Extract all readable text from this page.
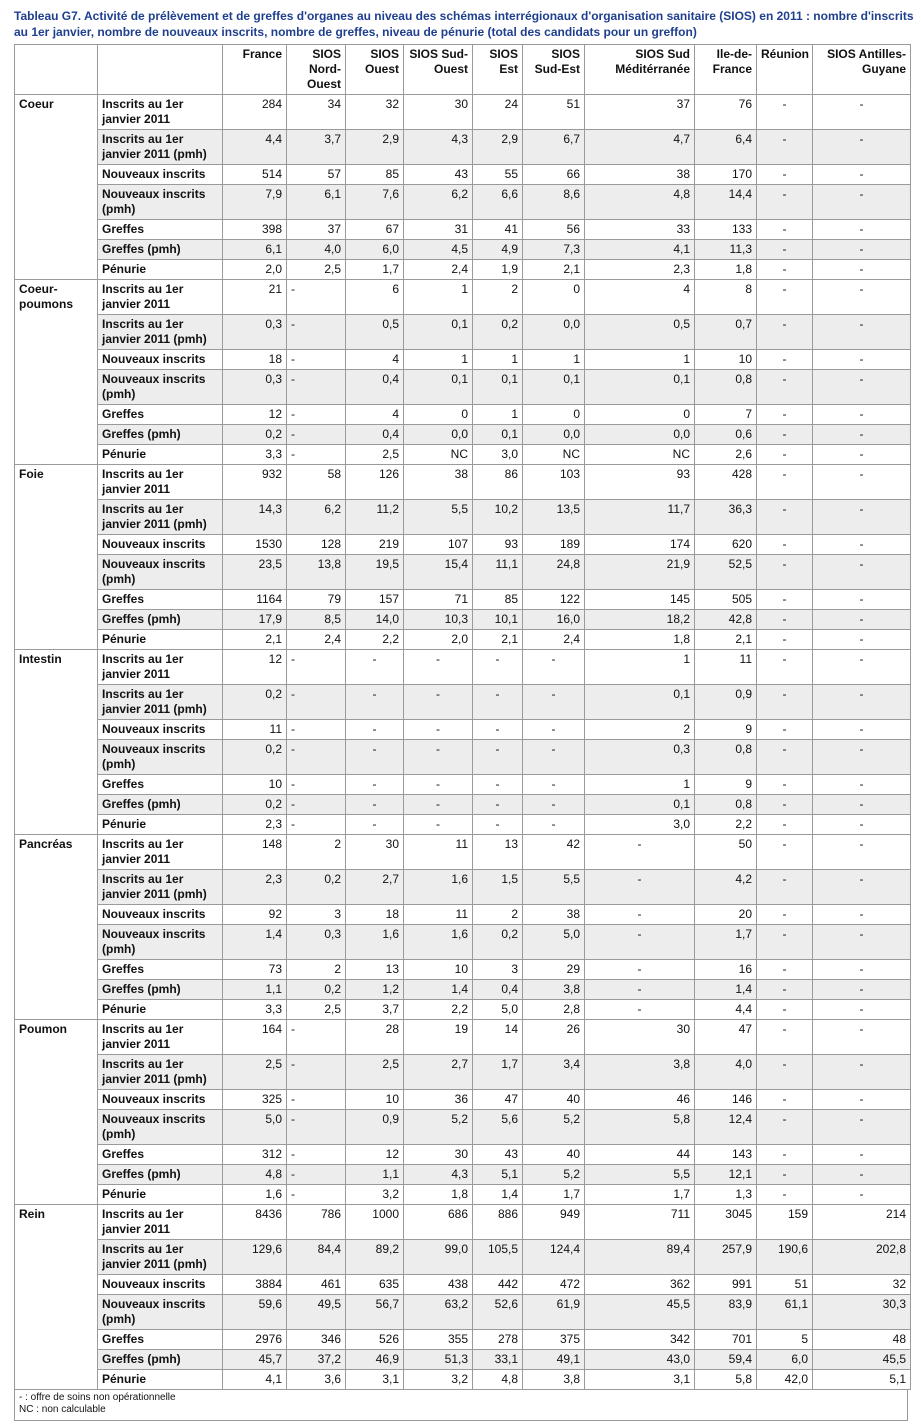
Tableau G7. Activité de prélèvement et de greffes d'organes au niveau des schémas interrégionaux d'organisation sanitaire (SIOS) en 2011 : nombre d'inscrits au 1er janvier, nombre de nouveaux inscrits, nombre de greffes, niveau de pénurie (total des candidats pour un greffon)
		France	SIOS Nord-Ouest	SIOS Ouest	SIOS Sud-Ouest	SIOS Est	SIOS Sud-Est	SIOS Sud Méditérranée	Ile-de-France	Réunion	SIOS Antilles-Guyane
Coeur	Inscrits au 1er janvier 2011	284	34	32	30	24	51	37	76	-	-
	Inscrits au 1er janvier 2011 (pmh)	4,4	3,7	2,9	4,3	2,9	6,7	4,7	6,4	-	-
	Nouveaux inscrits	514	57	85	43	55	66	38	170	-	-
	Nouveaux inscrits (pmh)	7,9	6,1	7,6	6,2	6,6	8,6	4,8	14,4	-	-
	Greffes	398	37	67	31	41	56	33	133	-	-
	Greffes (pmh)	6,1	4,0	6,0	4,5	4,9	7,3	4,1	11,3	-	-
	Pénurie	2,0	2,5	1,7	2,4	1,9	2,1	2,3	1,8	-	-
Coeur-poumons	Inscrits au 1er janvier 2011	21	-	6	1	2	0	4	8	-	-
	Inscrits au 1er janvier 2011 (pmh)	0,3	-	0,5	0,1	0,2	0,0	0,5	0,7	-	-
	Nouveaux inscrits	18	-	4	1	1	1	1	10	-	-
	Nouveaux inscrits (pmh)	0,3	-	0,4	0,1	0,1	0,1	0,1	0,8	-	-
	Greffes	12	-	4	0	1	0	0	7	-	-
	Greffes (pmh)	0,2	-	0,4	0,0	0,1	0,0	0,0	0,6	-	-
	Pénurie	3,3	-	2,5	NC	3,0	NC	NC	2,6	-	-
Foie	Inscrits au 1er janvier 2011	932	58	126	38	86	103	93	428	-	-
	Inscrits au 1er janvier 2011 (pmh)	14,3	6,2	11,2	5,5	10,2	13,5	11,7	36,3	-	-
	Nouveaux inscrits	1530	128	219	107	93	189	174	620	-	-
	Nouveaux inscrits (pmh)	23,5	13,8	19,5	15,4	11,1	24,8	21,9	52,5	-	-
	Greffes	1164	79	157	71	85	122	145	505	-	-
	Greffes (pmh)	17,9	8,5	14,0	10,3	10,1	16,0	18,2	42,8	-	-
	Pénurie	2,1	2,4	2,2	2,0	2,1	2,4	1,8	2,1	-	-
Intestin	Inscrits au 1er janvier 2011	12	-	-	-	-	-	1	11	-	-
	Inscrits au 1er janvier 2011 (pmh)	0,2	-	-	-	-	-	0,1	0,9	-	-
	Nouveaux inscrits	11	-	-	-	-	-	2	9	-	-
	Nouveaux inscrits (pmh)	0,2	-	-	-	-	-	0,3	0,8	-	-
	Greffes	10	-	-	-	-	-	1	9	-	-
	Greffes (pmh)	0,2	-	-	-	-	-	0,1	0,8	-	-
	Pénurie	2,3	-	-	-	-	-	3,0	2,2	-	-
Pancréas	Inscrits au 1er janvier 2011	148	2	30	11	13	42	-	50	-	-
	Inscrits au 1er janvier 2011 (pmh)	2,3	0,2	2,7	1,6	1,5	5,5	-	4,2	-	-
	Nouveaux inscrits	92	3	18	11	2	38	-	20	-	-
	Nouveaux inscrits (pmh)	1,4	0,3	1,6	1,6	0,2	5,0	-	1,7	-	-
	Greffes	73	2	13	10	3	29	-	16	-	-
	Greffes (pmh)	1,1	0,2	1,2	1,4	0,4	3,8	-	1,4	-	-
	Pénurie	3,3	2,5	3,7	2,2	5,0	2,8	-	4,4	-	-
Poumon	Inscrits au 1er janvier 2011	164	-	28	19	14	26	30	47	-	-
	Inscrits au 1er janvier 2011 (pmh)	2,5	-	2,5	2,7	1,7	3,4	3,8	4,0	-	-
	Nouveaux inscrits	325	-	10	36	47	40	46	146	-	-
	Nouveaux inscrits (pmh)	5,0	-	0,9	5,2	5,6	5,2	5,8	12,4	-	-
	Greffes	312	-	12	30	43	40	44	143	-	-
	Greffes (pmh)	4,8	-	1,1	4,3	5,1	5,2	5,5	12,1	-	-
	Pénurie	1,6	-	3,2	1,8	1,4	1,7	1,7	1,3	-	-
Rein	Inscrits au 1er janvier 2011	8436	786	1000	686	886	949	711	3045	159	214
	Inscrits au 1er janvier 2011 (pmh)	129,6	84,4	89,2	99,0	105,5	124,4	89,4	257,9	190,6	202,8
	Nouveaux inscrits	3884	461	635	438	442	472	362	991	51	32
	Nouveaux inscrits (pmh)	59,6	49,5	56,7	63,2	52,6	61,9	45,5	83,9	61,1	30,3
	Greffes	2976	346	526	355	278	375	342	701	5	48
	Greffes (pmh)	45,7	37,2	46,9	51,3	33,1	49,1	43,0	59,4	6,0	45,5
	Pénurie	4,1	3,6	3,1	3,2	4,8	3,8	3,1	5,8	42,0	5,1
- : offre de soins non opérationnelle
NC : non calculable
